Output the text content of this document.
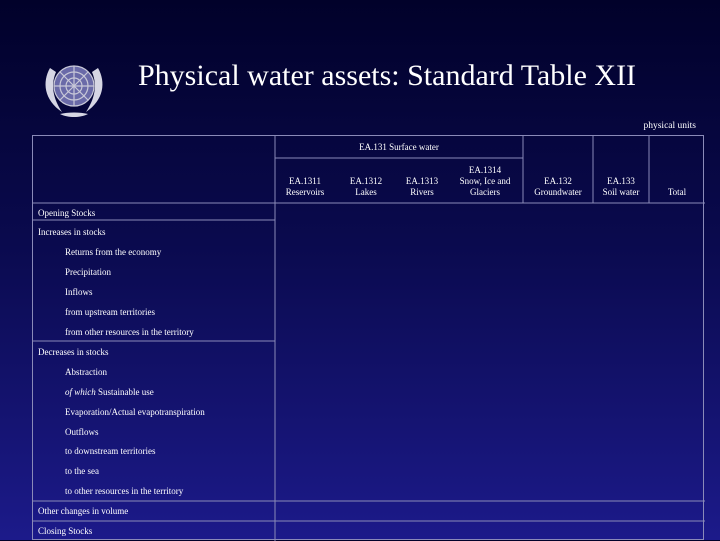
Physical water assets: Standard Table XII
physical units
EA.131 Surface water
EA.1311
Reservoirs
EA.1312
Lakes
EA.1313
Rivers
EA.1314
Snow, Ice and Glaciers
EA.132
Groundwater
EA.133
Soil water	Total
Opening Stocks
Increases in stocks
Returns from the economy
Precipitation
Inflows
from upstream territories
from other resources in the territory
Decreases in stocks
Abstraction
of which Sustainable use
Evaporation/Actual evapotranspiration
Outflows
to downstream territories
to the sea
to other resources in the territory
Other changes in volume
Closing Stocks
